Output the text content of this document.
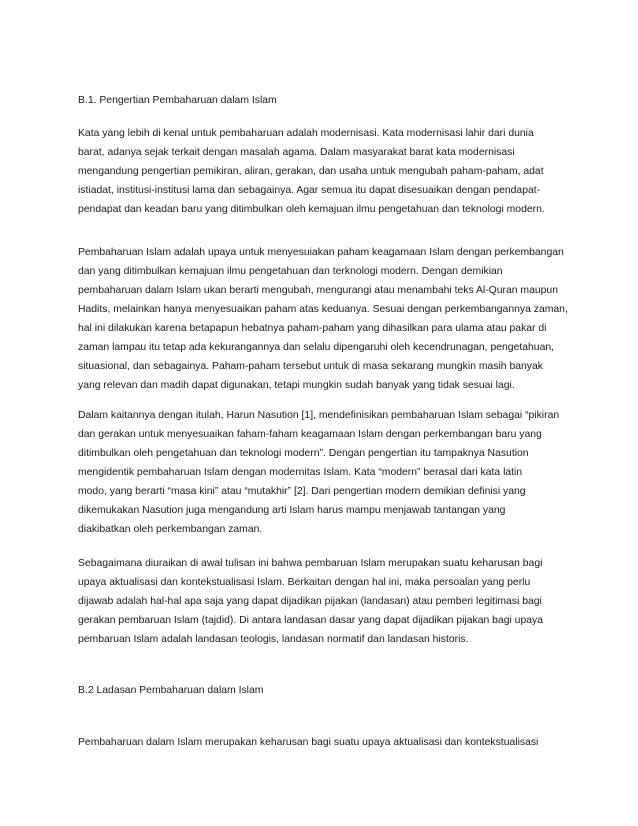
B.1. Pengertian Pembaharuan dalam Islam
Kata yang lebih di kenal untuk pembaharuan adalah modernisasi. Kata modernisasi lahir dari dunia
barat, adanya sejak terkait dengan masalah agama. Dalam masyarakat barat kata modernisasi
mengandung pengertian pemikiran, aliran, gerakan, dan usaha untuk mengubah paham-paham, adat
istiadat, institusi-institusi lama dan sebagainya. Agar semua itu dapat disesuaikan dengan pendapat-
pendapat dan keadan baru yang ditimbulkan oleh kemajuan ilmu pengetahuan dan teknologi modern.
Pembaharuan Islam adalah upaya untuk menyesuiakan paham keagamaan Islam dengan perkembangan
dan yang ditimbulkan kemajuan ilmu pengetahuan dan terknologi modern. Dengan demikian
pembaharuan dalam Islam ukan berarti mengubah, mengurangi atau menambahi teks Al-Quran maupun
Hadits, melainkan hanya menyesuaikan paham atas keduanya. Sesuai dengan perkembangannya zaman,
hal ini dilakukan karena betapapun hebatnya paham-paham yang dihasilkan para ulama atau pakar di
zaman lampau itu tetap ada kekurangannya dan selalu dipengaruhi oleh kecendrunagan, pengetahuan,
situasional, dan sebagainya. Paham-paham tersebut untuk di masa sekarang mungkin masih banyak
yang relevan dan madih dapat digunakan, tetapi mungkin sudah banyak yang tidak sesuai lagi.
Dalam kaitannya dengan itulah, Harun Nasution [1], mendefinisikan pembaharuan Islam sebagai “pikiran
dan gerakan untuk menyesuaikan faham-faham keagamaan Islam dengan perkembangan baru yang
ditimbulkan oleh pengetahuan dan teknologi modern”. Dengan pengertian itu tampaknya Nasution
mengidentik pembaharuan Islam dengan modernitas Islam. Kata “modern” berasal dari kata latin
modo, yang berarti “masa kini” atau “mutakhir” [2]. Dari pengertian modern demikian definisi yang
dikemukakan Nasution juga mengandung arti Islam harus mampu menjawab tantangan yang
diakibatkan oleh perkembangan zaman.
Sebagaimana diuraikan di awal tulisan ini bahwa pembaruan Islam merupakan suatu keharusan bagi
upaya aktualisasi dan kontekstualisasi Islam. Berkaitan dengan hal ini, maka persoalan yang perlu
dijawab adalah hal-hal apa saja yang dapat dijadikan pijakan (landasan) atau pemberi legitimasi bagi
gerakan pembaruan Islam (tajdid). Di antara landasan dasar yang dapat dijadikan pijakan bagi upaya
pembaruan Islam adalah landasan teologis, landasan normatif dan landasan historis.
B.2 Ladasan Pembaharuan dalam Islam
Pembaharuan dalam Islam merupakan keharusan bagi suatu upaya aktualisasi dan kontekstualisasi
